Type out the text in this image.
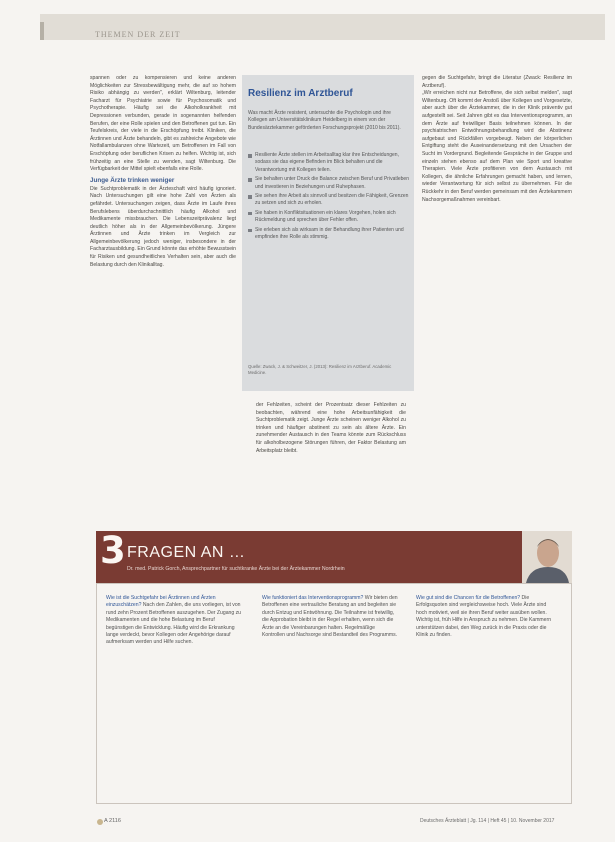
THEMEN DER ZEIT

spannen oder zu kompensieren und keine anderen Möglichkeiten zur Stressbewältigung mehr, die auf so hohem Risiko abhängig zu werden", erklärt Wiltenburg, leitender Facharzt für Psychiatrie sowie für Psychosomatik und Psychotherapie. Häufig sei die Alkoholkrankheit mit Depressionen verbunden, gerade in sogenannten helfenden Berufen, der eine Rolle spielen und den Betroffenen gut tun. Ein Teufelskreis, der viele in die Erschöpfung treibt. Kliniken, die Ärztinnen und Ärzte behandeln, gibt es zahlreiche Angebote wie Notfallambulanzen ohne Wartezeit, um Betroffenen im Fall von Erschöpfung oder beruflichen Krisen zu helfen. Wichtig ist, sich frühzeitig an eine Stelle zu wenden, sagt Wiltenburg. Die Verfügbarkeit der Mittel spielt ebenfalls eine Rolle.

Junge Ärzte trinken weniger

Die Suchtproblematik in der Ärzteschaft wird häufig ignoriert. Nach Untersuchungen gilt eine hohe Zahl von Ärzten als gefährdet. Untersuchungen zeigen, dass Ärzte im Laufe ihres Berufslebens überdurchschnittlich häufig Alkohol und Medikamente missbrauchen. Die Lebenszeitprävalenz liegt deutlich höher als in der Allgemeinbevölkerung. Jüngere Ärztinnen und Ärzte trinken im Vergleich zur Allgemeinbevölkerung jedoch weniger, insbesondere in der Facharztausbildung. Ein Grund könnte das erhöhte Bewusstsein für Risiken und gesundheitliches Verhalten sein, aber auch die Belastung durch den Klinikalltag.

Resilienz im Arztberuf
Was macht Ärzte resistent, untersuchte die Psychologin und ihre Kollegen am Universitätsklinikum Heidelberg in einem von der Bundesärztekammer geförderten Forschungsprojekt (2010 bis 2011).
Resiliente Ärzte stellen im Arbeitsalltag klar ihre Entscheidungen, sodass sie das eigene Befinden im Blick behalten und die Verantwortung mit Kollegen teilen.
Sie behalten unter Druck die Balance zwischen Beruf und Privatleben und investieren in Beziehungen und Ruhephasen.
Sie sehen ihre Arbeit als sinnvoll und besitzen die Fähigkeit, Grenzen zu setzen und sich zu erholen.
Sie haben in Konfliktsituationen ein klares Vorgehen, holen sich Rückmeldung und sprechen über Fehler offen.
Sie erleben sich als wirksam in der Behandlung ihrer Patienten und empfinden ihre Rolle als stimmig.
Quelle: Zwack, J. & Schweitzer, J. (2013): Resilienz im Arztberuf. Academic Medicine.

der Fehlzeiten, scheint der Prozentsatz dieser Fehlzeiten zu beobachten, während eine hohe Arbeitsunfähigkeit die Suchtproblematik zeigt. Junge Ärzte scheinen weniger Alkohol zu trinken und häufiger abstinent zu sein als ältere Ärzte. Ein zunehmender Austausch in den Teams könnte zum Rückschluss für alkoholbezogene Störungen führen, der Faktor Belastung am Arbeitsplatz bleibt.

gegen die Suchtgefahr, bringt die Literatur (Zwack: Resilienz im Arztberuf).

„Wir erreichen nicht nur Betroffene, die sich selbst melden", sagt Wiltenburg. Oft kommt der Anstoß über Kollegen und Vorgesetzte, aber auch über die Ärztekammer, die in der Klinik präventiv gut aufgestellt sei. Seit Jahren gibt es das Interventionsprogramm, an dem Ärzte auf freiwilliger Basis teilnehmen können. In der psychiatrischen Entwöhnungsbehandlung wird die Abstinenz aufgebaut und Rückfällen vorgebeugt. Neben der körperlichen Entgiftung steht die Auseinandersetzung mit den Ursachen der Sucht im Vordergrund. Begleitende Gespräche in der Gruppe und einzeln stehen ebenso auf dem Plan wie Sport und kreative Therapien. Viele Ärzte profitieren von dem Austausch mit Kollegen, die ähnliche Erfahrungen gemacht haben, und lernen, wieder Verantwortung für sich selbst zu übernehmen. Für die Rückkehr in den Beruf werden gemeinsam mit den Ärztekammern Nachsorgemaßnahmen vereinbart.

3 FRAGEN AN …
Dr. med. Patrick Gorch, Ansprechpartner für suchtkranke Ärzte bei der Ärztekammer Nordrhein
Wie ist die Suchtgefahr bei Ärztinnen und Ärzten einzuschätzen? Nach den Zahlen, die uns vorliegen, ist von rund zehn Prozent Betroffenen auszugehen. Der Zugang zu Medikamenten und die hohe Belastung im Beruf begünstigen die Entwicklung. Häufig wird die Erkrankung lange verdeckt, bevor Kollegen oder Angehörige darauf aufmerksam werden und Hilfe suchen.
Wie funktioniert das Interventionsprogramm? Wir bieten den Betroffenen eine vertrauliche Beratung an und begleiten sie durch Entzug und Entwöhnung. Die Teilnahme ist freiwillig, die Approbation bleibt in der Regel erhalten, wenn sich die Ärzte an die Vereinbarungen halten. Regelmäßige Kontrollen und Nachsorge sind Bestandteil des Programms.
Wie gut sind die Chancen für die Betroffenen? Die Erfolgsquoten sind vergleichsweise hoch. Viele Ärzte sind hoch motiviert, weil sie ihren Beruf weiter ausüben wollen. Wichtig ist, früh Hilfe in Anspruch zu nehmen. Die Kammern unterstützen dabei, den Weg zurück in die Praxis oder die Klinik zu finden.
A 2116	Deutsches Ärzteblatt | Jg. 114 | Heft 45 | 10. November 2017
